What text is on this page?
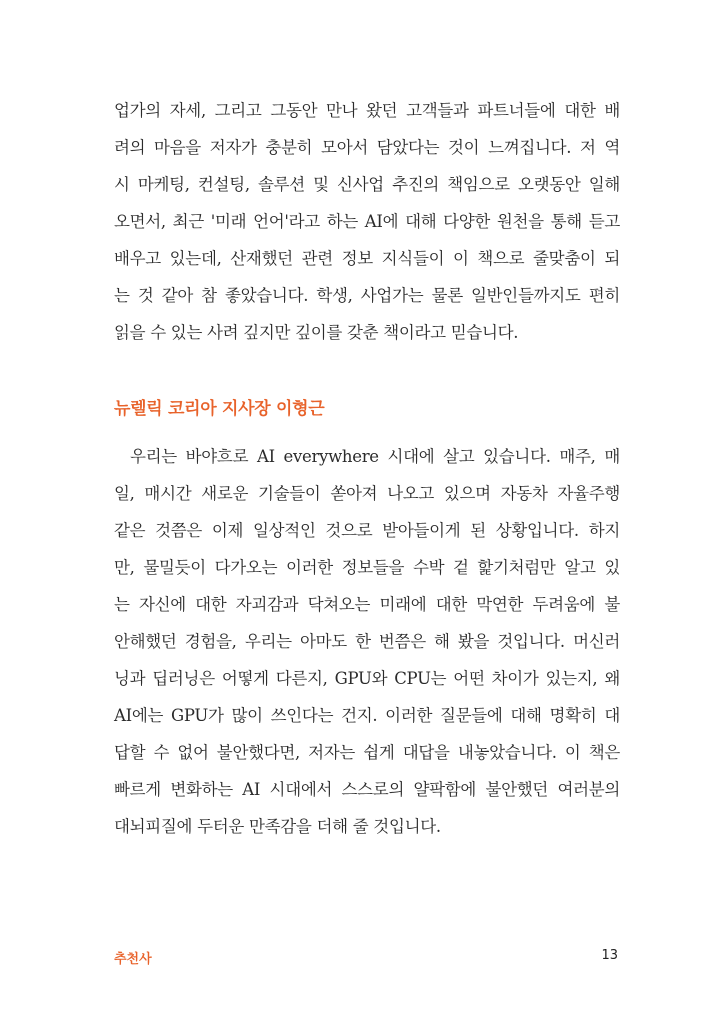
업가의 자세, 그리고 그동안 만나 왔던 고객들과 파트너들에 대한 배
려의 마음을 저자가 충분히 모아서 담았다는 것이 느껴집니다. 저 역
시 마케팅, 컨설팅, 솔루션 및 신사업 추진의 책임으로 오랫동안 일해
오면서, 최근 '미래 언어'라고 하는 AI에 대해 다양한 원천을 통해 듣고
배우고 있는데, 산재했던 관련 정보 지식들이 이 책으로 줄맞춤이 되
는 것 같아 참 좋았습니다. 학생, 사업가는 물론 일반인들까지도 편히
읽을 수 있는 사려 깊지만 깊이를 갖춘 책이라고 믿습니다.
뉴렐릭 코리아 지사장 이형근
우리는 바야흐로 AI everywhere 시대에 살고 있습니다. 매주, 매
일, 매시간 새로운 기술들이 쏟아져 나오고 있으며 자동차 자율주행
같은 것쯤은 이제 일상적인 것으로 받아들이게 된 상황입니다. 하지
만, 물밀듯이 다가오는 이러한 정보들을 수박 겉 핥기처럼만 알고 있
는 자신에 대한 자괴감과 닥쳐오는 미래에 대한 막연한 두려움에 불
안해했던 경험을, 우리는 아마도 한 번쯤은 해 봤을 것입니다. 머신러
닝과 딥러닝은 어떻게 다른지, GPU와 CPU는 어떤 차이가 있는지, 왜
AI에는 GPU가 많이 쓰인다는 건지. 이러한 질문들에 대해 명확히 대
답할 수 없어 불안했다면, 저자는 쉽게 대답을 내놓았습니다. 이 책은
빠르게 변화하는 AI 시대에서 스스로의 얄팍함에 불안했던 여러분의
대뇌피질에 두터운 만족감을 더해 줄 것입니다.
추천사	13
